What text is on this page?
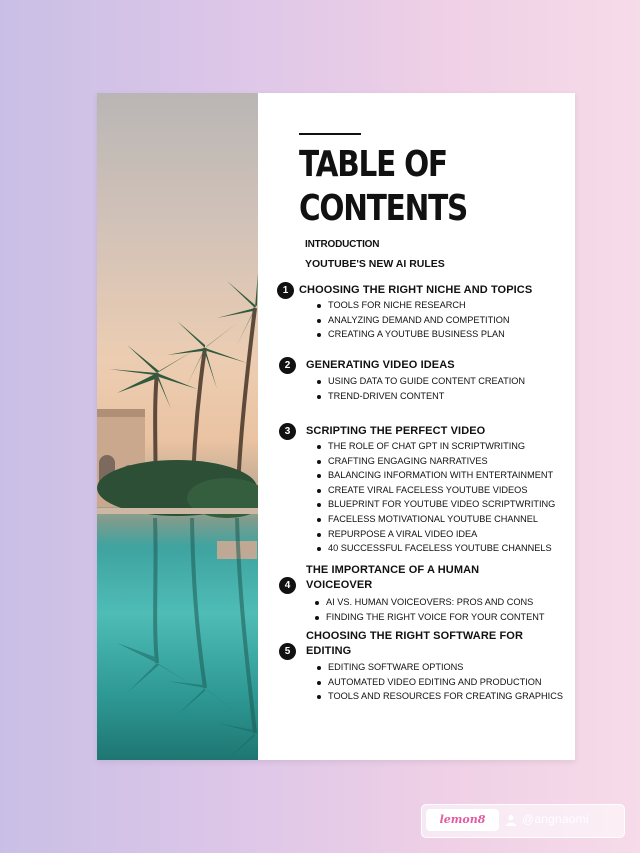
TABLE OF CONTENTS
INTRODUCTION
YOUTUBE'S NEW AI RULES
1 CHOOSING THE RIGHT NICHE AND TOPICS
TOOLS FOR NICHE RESEARCH
ANALYZING DEMAND AND COMPETITION
CREATING A YOUTUBE BUSINESS PLAN
2	GENERATING VIDEO IDEAS
USING DATA TO GUIDE CONTENT CREATION
TREND-DRIVEN CONTENT
3	SCRIPTING THE PERFECT VIDEO
THE ROLE OF CHAT GPT IN SCRIPTWRITING
CRAFTING ENGAGING NARRATIVES
BALANCING INFORMATION WITH ENTERTAINMENT
CREATE VIRAL FACELESS YOUTUBE VIDEOS
BLUEPRINT FOR YOUTUBE VIDEO SCRIPTWRITING
FACELESS MOTIVATIONAL YOUTUBE CHANNEL
REPURPOSE A VIRAL VIDEO IDEA
40 SUCCESSFUL FACELESS YOUTUBE CHANNELS
THE IMPORTANCE OF A HUMAN
4	VOICEOVER
AI VS. HUMAN VOICEOVERS: PROS AND CONS
FINDING THE RIGHT VOICE FOR YOUR CONTENT
CHOOSING THE RIGHT SOFTWARE FOR
5	EDITING
EDITING SOFTWARE OPTIONS
AUTOMATED VIDEO EDITING AND PRODUCTION
TOOLS AND RESOURCES FOR CREATING GRAPHICS
lemon8	@angnaomi
